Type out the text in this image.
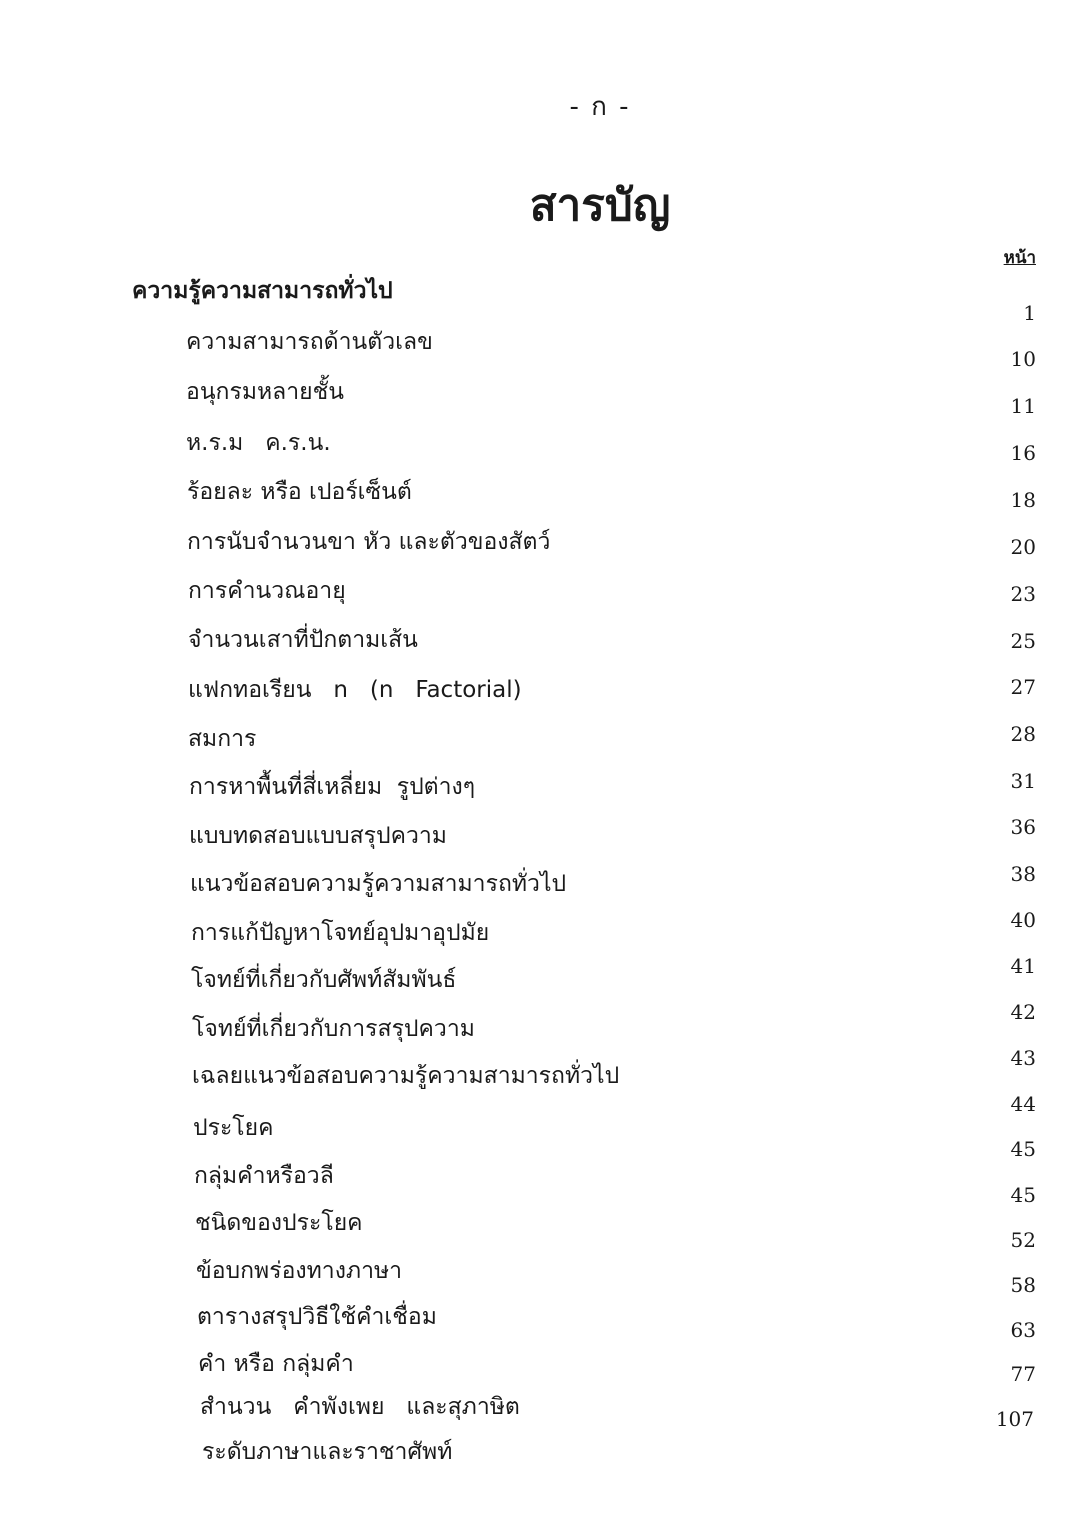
- ก -
สารบัญ
หน้า
ความรู้ความสามารถทั่วไป
ความสามารถด้านตัวเลข
อนุกรมหลายชั้น
ห.ร.ม   ค.ร.น.
ร้อยละ หรือ เปอร์เซ็นต์
การนับจำนวนขา หัว และตัวของสัตว์
การคำนวณอายุ
จำนวนเสาที่ปักตามเส้น
แฟกทอเรียน   n   (n   Factorial)
สมการ
การหาพื้นที่สี่เหลี่ยม  รูปต่างๆ
แบบทดสอบแบบสรุปความ
แนวข้อสอบความรู้ความสามารถทั่วไป
การแก้ปัญหาโจทย์อุปมาอุปมัย
โจทย์ที่เกี่ยวกับศัพท์สัมพันธ์
โจทย์ที่เกี่ยวกับการสรุปความ
เฉลยแนวข้อสอบความรู้ความสามารถทั่วไป
ประโยค
กลุ่มคำหรือวลี
ชนิดของประโยค
ข้อบกพร่องทางภาษา
ตารางสรุปวิธีใช้คำเชื่อม
คำ หรือ กลุ่มคำ
สำนวน   คำพังเพย   และสุภาษิต
ระดับภาษาและราชาศัพท์
1
10
11
16
18
20
23
25
27
28
31
36
38
40
41
42
43
44
45
45
52
58
63
77
107
